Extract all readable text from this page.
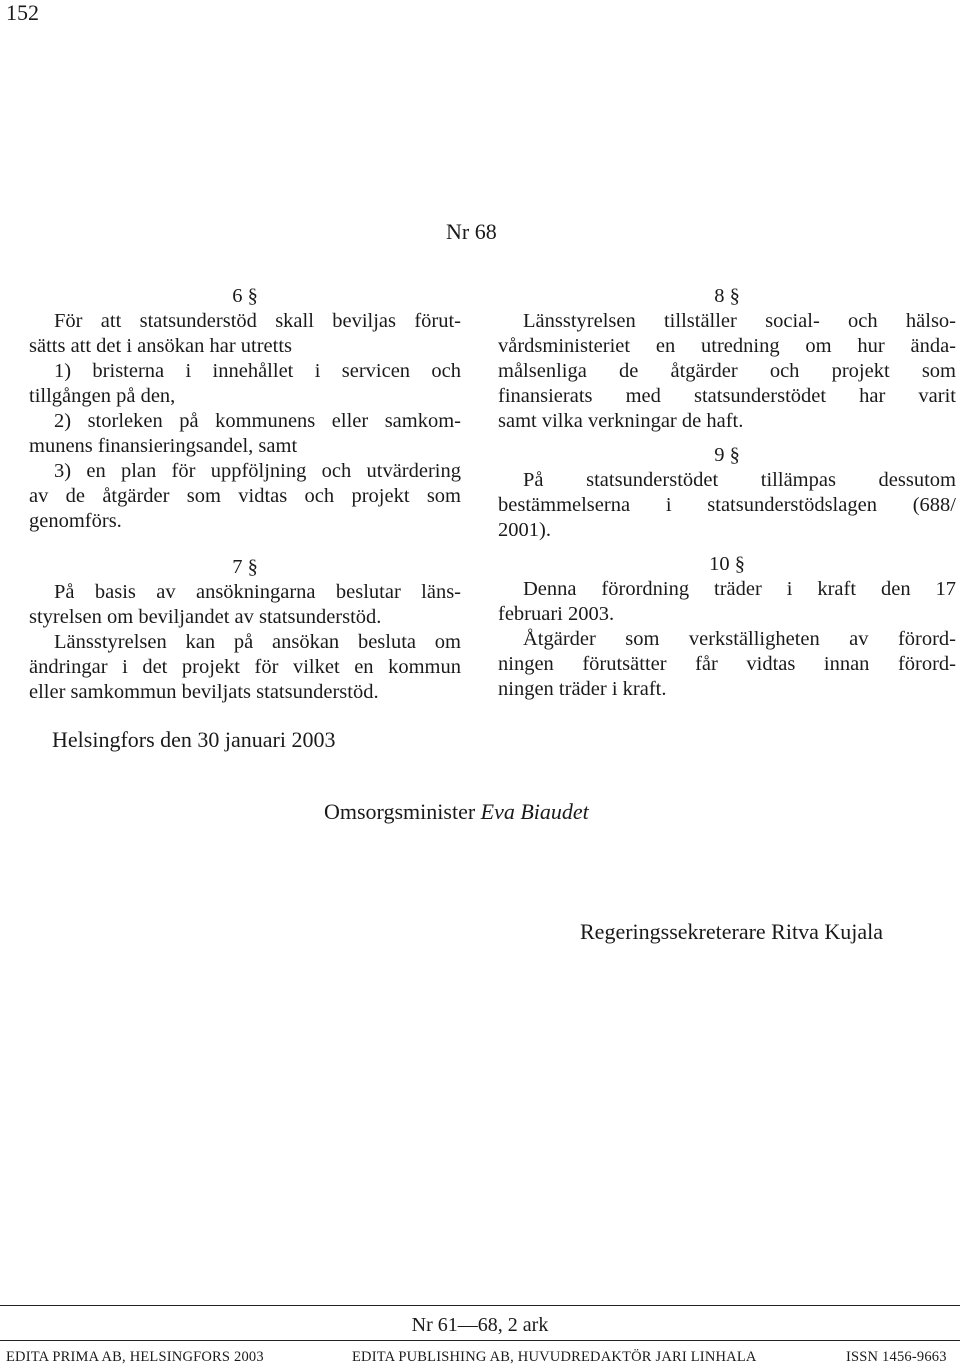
152
Nr 68
6 §
För att statsunderstöd skall beviljas förut-
sätts att det i ansökan har utretts
1) bristerna i innehållet i servicen och
tillgången på den,
2) storleken på kommunens eller samkom-
munens finansieringsandel, samt
3) en plan för uppföljning och utvärdering
av de åtgärder som vidtas och projekt som
genomförs.
7 §
På basis av ansökningarna beslutar läns-
styrelsen om beviljandet av statsunderstöd.
Länsstyrelsen kan på ansökan besluta om
ändringar i det projekt för vilket en kommun
eller samkommun beviljats statsunderstöd.
8 §
Länsstyrelsen tillställer social- och hälso-
vårdsministeriet en utredning om hur ända-
målsenliga de åtgärder och projekt som
finansierats med statsunderstödet har varit
samt vilka verkningar de haft.
9 §
På statsunderstödet tillämpas dessutom
bestämmelserna i statsunderstödslagen (688/
2001).
10 §
Denna förordning träder i kraft den 17
februari 2003.
Åtgärder som verkställigheten av förord-
ningen förutsätter får vidtas innan förord-
ningen träder i kraft.
Helsingfors den 30 januari 2003
Omsorgsminister Eva Biaudet
Regeringssekreterare Ritva Kujala
Nr 61—68, 2 ark
EDITA PRIMA AB, HELSINGFORS 2003	EDITA PUBLISHING AB, HUVUDREDAKTÖR JARI LINHALA	ISSN 1456-9663
